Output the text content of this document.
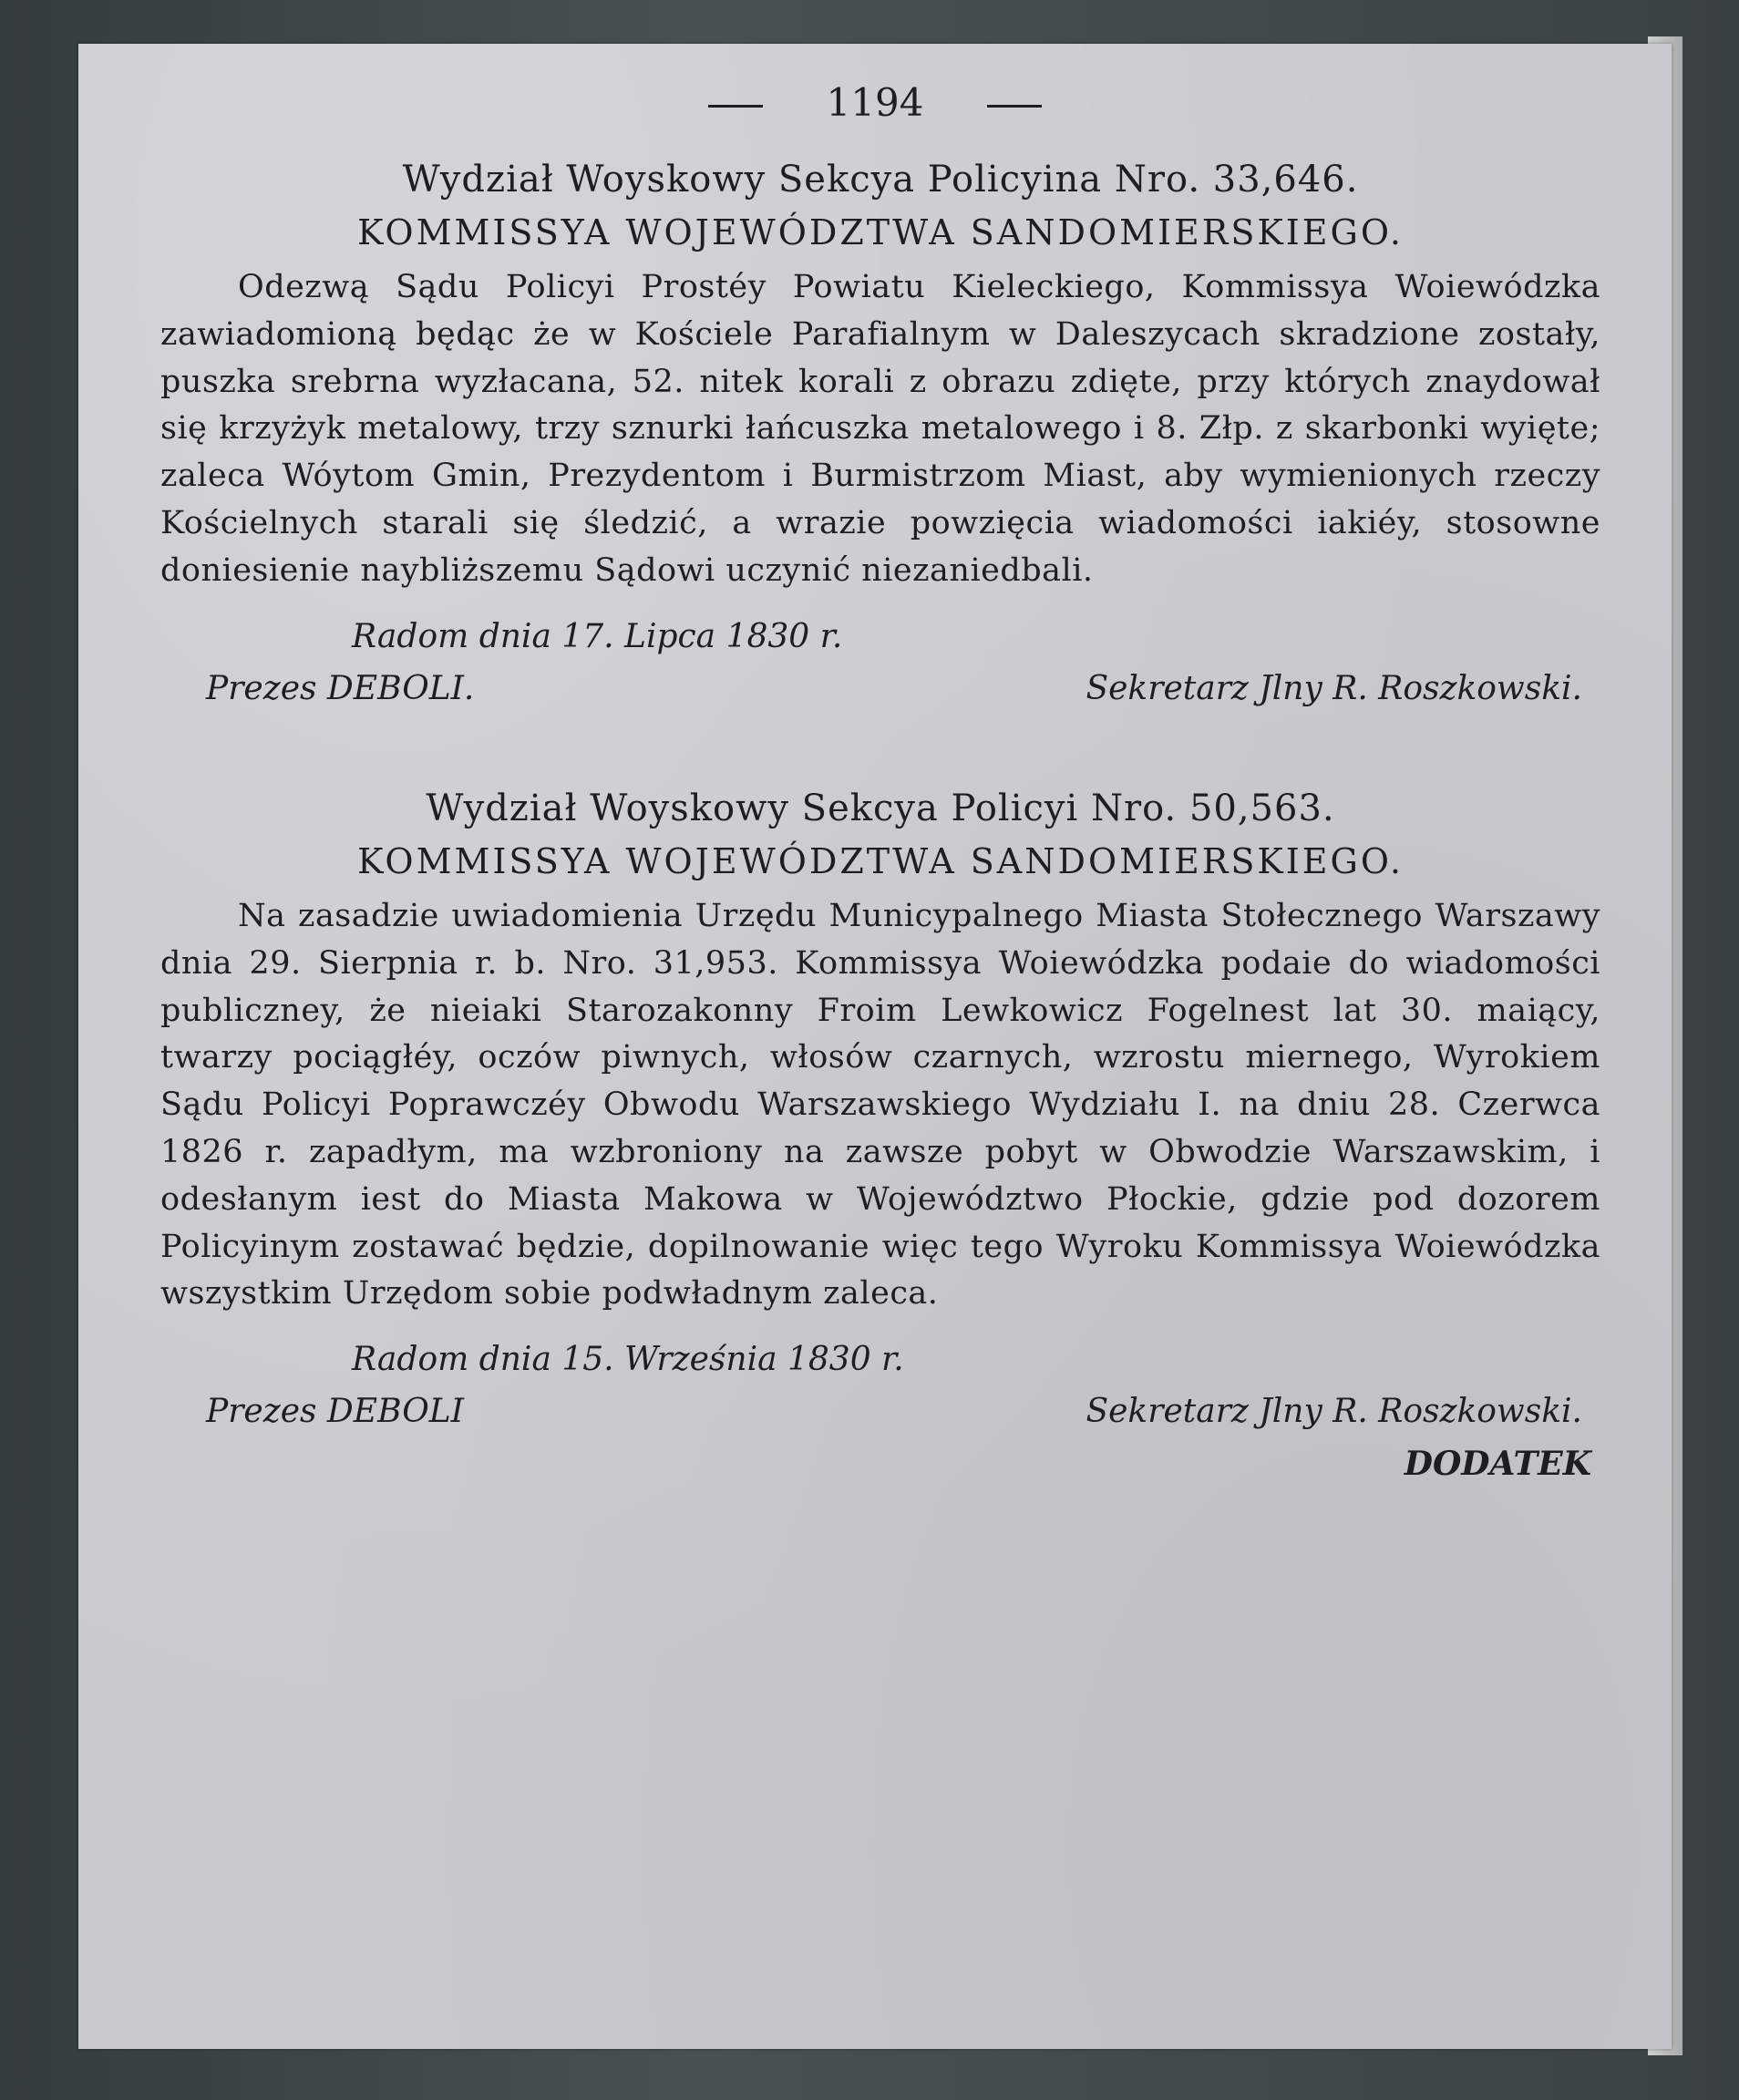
1194
Wydział Woyskowy Sekcya Policyina Nro. 33,646.
KOMMISSYA WOJEWÓDZTWA SANDOMIERSKIEGO.

Odezwą Sądu Policyi Prostéy Powiatu Kieleckiego, Kommissya Woiewódzka zawiadomioną będąc że w Kościele Parafialnym w Daleszycach skradzione zostały, puszka srebrna wyzłacana, 52. nitek korali z obrazu zdięte, przy których znaydował się krzyżyk metalowy, trzy sznurki łańcuszka metalowego i 8. Złp. z skarbonki wyięte; zaleca Wóytom Gmin, Prezydentom i Burmistrzom Miast, aby wymienionych rzeczy Kościelnych starali się śledzić, a wrazie powzięcia wiadomości iakiéy, stosowne doniesienie naybliższemu Sądowi uczynić niezaniedbali.

Radom dnia 17. Lipca 1830 r.
Prezes DEBOLI.	Sekretarz Jlny R. Roszkowski.
Wydział Woyskowy Sekcya Policyi Nro. 50,563.
KOMMISSYA WOJEWÓDZTWA SANDOMIERSKIEGO.

Na zasadzie uwiadomienia Urzędu Municypalnego Miasta Stołecznego Warszawy dnia 29. Sierpnia r. b. Nro. 31,953. Kommissya Woiewódzka podaie do wiadomości publiczney, że nieiaki Starozakonny Froim Lewkowicz Fogelnest lat 30. maiący, twarzy pociągłéy, oczów piwnych, włosów czarnych, wzrostu miernego, Wyrokiem Sądu Policyi Poprawczéy Obwodu Warszawskiego Wydziału I. na dniu 28. Czerwca 1826 r. zapadłym, ma wzbroniony na zawsze pobyt w Obwodzie Warszawskim, i odesłanym iest do Miasta Makowa w Województwo Płockie, gdzie pod dozorem Policyinym zostawać będzie, dopilnowanie więc tego Wyroku Kommissya Woiewódzka wszystkim Urzędom sobie podwładnym zaleca.

Radom dnia 15. Września 1830 r.
Prezes DEBOLI	Sekretarz Jlny R. Roszkowski.
DODATEK
